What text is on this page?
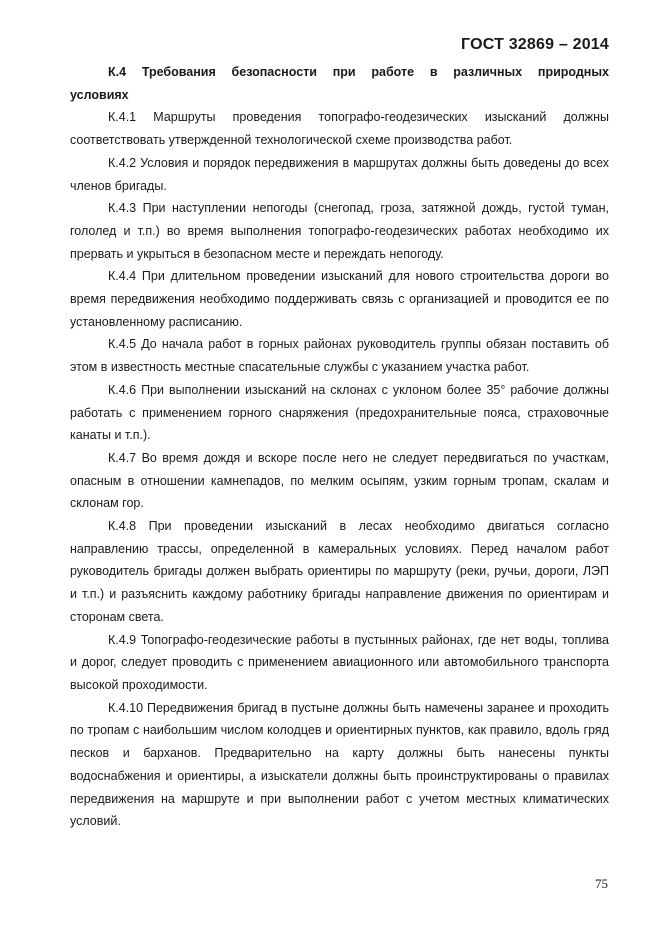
ГОСТ 32869 – 2014

К.4 Требования безопасности при работе в различных природных условиях

К.4.1 Маршруты проведения топографо-геодезических изысканий должны соответствовать утвержденной технологической схеме производства работ.

К.4.2 Условия и порядок передвижения в маршрутах должны быть доведены до всех членов бригады.

К.4.3 При наступлении непогоды (снегопад, гроза, затяжной дождь, густой туман, гололед и т.п.) во время выполнения топографо-геодезических работах необходимо их прервать и укрыться в безопасном месте и переждать непогоду.

К.4.4 При длительном проведении изысканий для нового строительства дороги во время передвижения необходимо поддерживать связь с организацией и проводится ее по установленному расписанию.

К.4.5 До начала работ в горных районах руководитель группы обязан поставить об этом в известность местные спасательные службы с указанием участка работ.

К.4.6 При выполнении изысканий на склонах с уклоном более 35° рабочие должны работать с применением горного снаряжения (предохранительные пояса, страховочные канаты и т.п.).

К.4.7 Во время дождя и вскоре после него не следует передвигаться по участкам, опасным в отношении камнепадов, по мелким осыпям, узким горным тропам, скалам и склонам гор.

К.4.8 При проведении изысканий в лесах необходимо двигаться согласно направлению трассы, определенной в камеральных условиях. Перед началом работ руководитель бригады должен выбрать ориентиры по маршруту (реки, ручьи, дороги, ЛЭП и т.п.) и разъяснить каждому работнику бригады направление движения по ориентирам и сторонам света.

К.4.9 Топографо-геодезические работы в пустынных районах, где нет воды, топлива и дорог, следует проводить с применением авиационного или автомобильного транспорта высокой проходимости.

К.4.10 Передвижения бригад в пустыне должны быть намечены заранее и проходить по тропам с наибольшим числом колодцев и ориентирных пунктов, как правило, вдоль гряд песков и барханов. Предварительно на карту должны быть нанесены пункты водоснабжения и ориентиры, а изыскатели должны быть проинструктированы о правилах передвижения на маршруте и при выполнении работ с учетом местных климатических условий.

75
